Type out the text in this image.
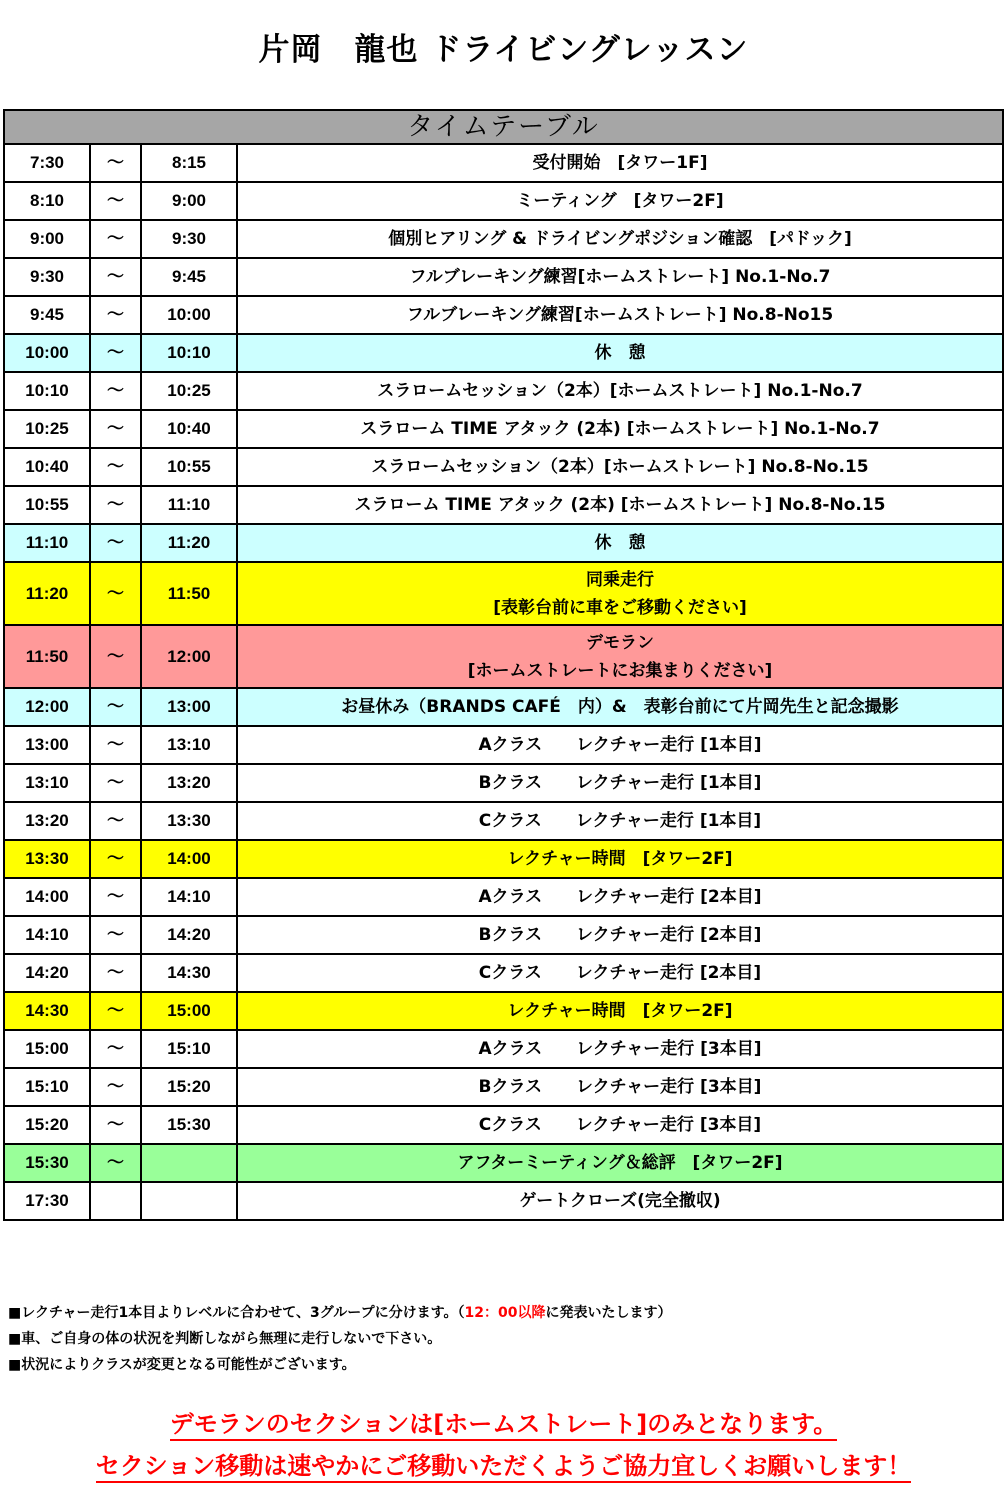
片岡　龍也 ドライビングレッスン
タイムテーブル			
7:30	～	8:15	受付開始　[タワー1F]
8:10	～	9:00	ミーティング　[タワー2F]
9:00	～	9:30	個別ヒアリング & ドライビングポジション確認　[パドック]
9:30	～	9:45	フルブレーキング練習[ホームストレート] No.1-No.7
9:45	～	10:00	フルブレーキング練習[ホームストレート] No.8-No15
10:00	～	10:10	休　憩
10:10	～	10:25	スラロームセッション（2本）[ホームストレート] No.1-No.7
10:25	～	10:40	スラローム TIME アタック (2本) [ホームストレート] No.1-No.7
10:40	～	10:55	スラロームセッション（2本）[ホームストレート] No.8-No.15
10:55	～	11:10	スラローム TIME アタック (2本) [ホームストレート] No.8-No.15
11:10	～	11:20	休　憩
11:20	～	11:50	同乗走行
[表彰台前に車をご移動ください]

11:50	～	12:00	デモラン
[ホームストレートにお集まりください]

12:00	～	13:00	お昼休み（BRANDS CAFÉ　内）&　表彰台前にて片岡先生と記念撮影
13:00	～	13:10	Aクラス　　レクチャー走行 [1本目]
13:10	～	13:20	Bクラス　　レクチャー走行 [1本目]
13:20	～	13:30	Cクラス　　レクチャー走行 [1本目]
13:30	～	14:00	レクチャー時間　[タワー2F]
14:00	～	14:10	Aクラス　　レクチャー走行 [2本目]
14:10	～	14:20	Bクラス　　レクチャー走行 [2本目]
14:20	～	14:30	Cクラス　　レクチャー走行 [2本目]
14:30	～	15:00	レクチャー時間　[タワー2F]
15:00	～	15:10	Aクラス　　レクチャー走行 [3本目]
15:10	～	15:20	Bクラス　　レクチャー走行 [3本目]
15:20	～	15:30	Cクラス　　レクチャー走行 [3本目]
15:30	～		アフターミーティング＆総評　[タワー2F]
17:30			ゲートクローズ(完全撤収)
■レクチャー走行1本目よりレベルに合わせて、3グループに分けます。（12：00以降に発表いたします）
■車、ご自身の体の状況を判断しながら無理に走行しないで下さい。
■状況によりクラスが変更となる可能性がございます。
デモランのセクションは[ホームストレート]のみとなります。
セクション移動は速やかにご移動いただくようご協力宜しくお願いします！
